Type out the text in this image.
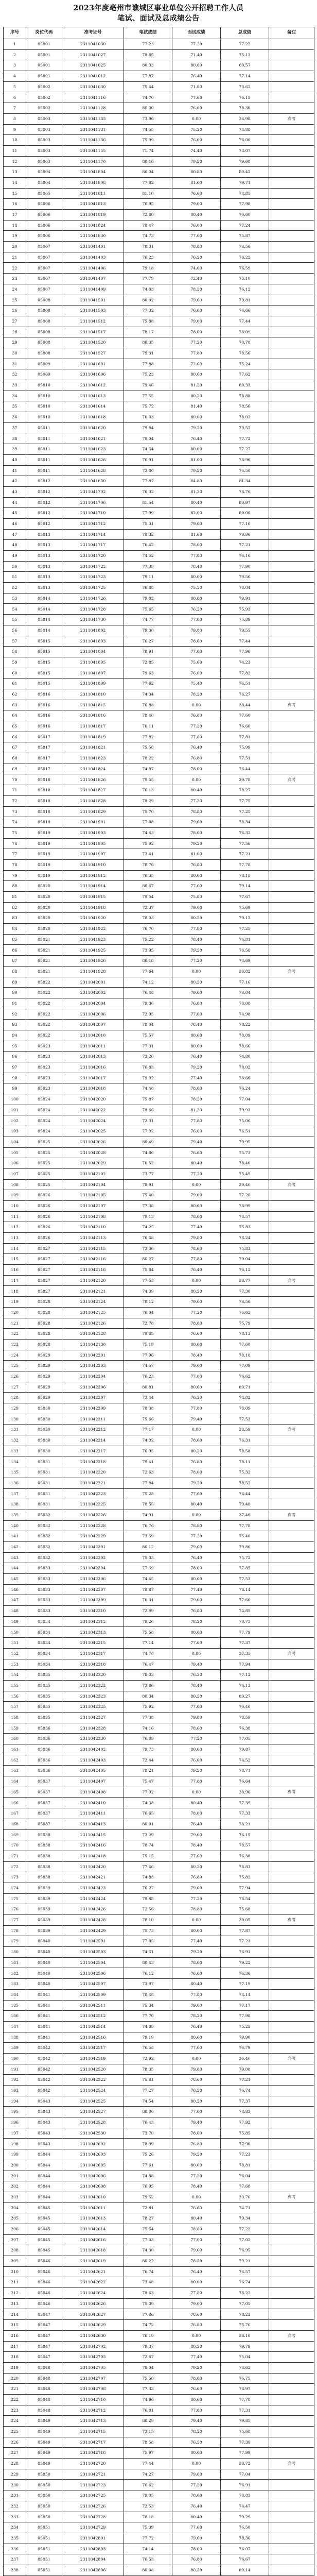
2023年度亳州市谯城区事业单位公开招聘工作人员
笔试、面试及总成绩公告
序号	岗位代码	准考证号	笔试成绩	面试成绩	总成绩	备注
1	05001	2311041030	77.23	77.20	77.22	
2	05001	2311041027	78.85	71.40	75.13	
3	05001	2311041025	80.33	80.80	80.57	
4	05001	2311041012	77.87	76.40	77.14	
5	05002	2311041030	75.44	71.80	73.62	
6	05002	2311041116	74.70	77.60	76.15	
7	05002	2311041128	80.00	76.60	78.30	
8	05003	2311041133	73.96	0.00	36.98	弃考
9	05003	2311041131	74.55	75.20	74.88	
10	05003	2311041136	75.99	76.00	76.00	
11	05003	2311041155	71.74	74.40	73.07	
12	05003	2311041170	80.16	79.20	79.68	
13	05004	2311041804	80.04	80.80	80.42	
14	05004	2311041808	77.82	81.60	79.71	
15	05005	2311041811	81.10	76.60	78.85	
16	05006	2311041813	76.95	79.00	77.98	
17	05006	2311041819	72.80	80.40	76.60	
18	05006	2311041824	78.47	76.00	77.24	
19	05006	2311041830	74.73	77.00	75.87	
20	05007	2311041401	78.31	78.80	78.56	
21	05007	2311041403	76.23	76.20	76.22	
22	05007	2311041406	79.18	74.00	76.59	
23	05007	2311041407	77.79	72.40	75.10	
24	05007	2311041409	74.03	78.20	76.12	
25	05008	2311041501	80.02	79.60	79.81	
26	05008	2311041503	77.32	76.00	76.66	
27	05008	2311041512	75.88	79.00	77.44	
28	05008	2311041517	78.17	78.00	78.09	
29	05008	2311041520	80.35	77.20	78.78	
30	05008	2311041527	79.31	77.80	78.56	
31	05009	2311041601	77.88	72.60	75.24	
32	05009	2311041606	75.23	80.00	77.62	
33	05010	2311041612	79.46	81.20	80.33	
34	05010	2311041613	77.55	80.20	78.88	
35	05010	2311041614	75.72	81.40	78.56	
36	05010	2311041618	76.03	80.00	78.02	
37	05011	2311041620	79.84	79.20	79.52	
38	05011	2311041621	79.04	76.40	77.72	
39	05011	2311041623	74.54	80.00	77.27	
40	05011	2311041626	76.91	81.00	78.96	
41	05011	2311041628	73.80	79.20	76.50	
42	05012	2311041630	77.87	84.80	81.34	
43	05012	2311041702	76.32	81.20	78.76	
44	05012	2311041706	81.54	80.40	80.97	
45	05012	2311041710	77.99	82.00	80.00	
46	05012	2311041712	75.31	79.00	77.16	
47	05013	2311041714	78.32	81.60	79.96	
48	05013	2311041717	76.42	78.00	77.21	
49	05013	2311041720	74.52	77.80	76.16	
50	05013	2311041722	77.39	78.40	77.90	
51	05013	2311041723	79.11	80.00	79.56	
52	05013	2311041725	76.88	75.20	76.04	
53	05014	2311041726	79.02	80.80	79.91	
54	05014	2311041728	75.65	76.20	75.93	
55	05014	2311041730	74.77	77.00	75.89	
56	05014	2311041802	79.30	79.80	79.55	
57	05015	2311041803	76.27	78.60	77.44	
58	05015	2311041804	78.91	77.00	77.96	
59	05015	2311041805	72.85	75.60	74.23	
60	05015	2311041807	79.63	76.00	77.82	
61	05015	2311041809	77.62	75.40	76.51	
62	05016	2311041810	74.34	78.20	76.27	
63	05016	2311041815	76.88	0.00	38.44	弃考
64	05016	2311041816	78.40	76.80	77.60	
65	05016	2311041817	76.11	77.20	76.66	
66	05017	2311041819	77.82	77.80	77.81	
67	05017	2311041821	75.58	76.40	75.99	
68	05017	2311041823	78.22	76.80	77.51	
69	05017	2311041824	74.87	78.00	76.44	
70	05018	2311041826	79.55	0.00	39.78	弃考
71	05018	2311041827	76.13	80.40	78.27	
72	05018	2311041828	78.29	77.20	77.75	
73	05018	2311041829	75.70	78.80	77.25	
74	05019	2311041901	77.08	79.60	78.34	
75	05019	2311041903	74.63	78.00	76.32	
76	05019	2311041905	75.92	79.20	77.56	
77	05019	2311041907	73.41	81.00	77.21	
78	05019	2311041910	78.76	76.80	77.78	
79	05019	2311041912	76.35	80.00	78.18	
80	05020	2311041914	80.67	77.60	79.14	
81	05020	2311041915	79.54	75.80	77.67	
82	05020	2311041918	72.37	79.00	75.69	
83	05020	2311041920	78.03	80.20	79.12	
84	05020	2311041922	76.70	77.80	77.25	
85	05021	2311041923	75.22	78.40	76.81	
86	05021	2311041925	73.95	79.20	76.58	
87	05021	2311041926	80.18	77.20	78.69	
88	05021	2311041928	77.64	0.00	38.82	弃考
89	05022	2311042001	74.12	80.20	77.16	
90	05022	2311042002	76.48	79.60	78.04	
91	05022	2311042004	79.36	76.80	78.08	
92	05022	2311042006	72.95	77.00	74.98	
93	05022	2311042007	78.04	78.40	78.22	
94	05022	2311042010	75.57	80.60	78.09	
95	05023	2311042011	77.31	80.00	78.66	
96	05023	2311042013	73.20	76.40	74.80	
97	05023	2311042016	76.83	79.20	78.02	
98	05023	2311042017	79.92	77.40	78.66	
99	05023	2311042018	74.48	78.00	76.24	
100	05024	2311042020	75.87	78.20	77.04	
101	05024	2311042022	78.66	81.20	79.93	
102	05024	2311042024	72.31	77.80	75.06	
103	05024	2311042025	77.02	76.00	76.51	
104	05025	2311042026	80.49	79.40	79.95	
105	05025	2311042028	74.86	76.60	75.73	
106	05025	2311042029	76.52	80.40	78.46	
107	05025	2311042102	73.77	77.20	75.49	
108	05025	2311042104	78.91	0.00	39.46	弃考
109	05026	2311042105	75.40	79.00	77.20	
110	05026	2311042107	77.38	80.60	78.99	
111	05026	2311042108	79.13	78.00	78.57	
112	05026	2311042110	74.25	77.40	75.83	
113	05026	2311042113	76.68	79.80	78.24	
114	05027	2311042115	73.06	78.60	75.83	
115	05027	2311042116	80.27	77.80	79.04	
116	05027	2311042118	75.84	76.40	76.12	
117	05027	2311042120	77.53	0.00	38.77	弃考
118	05027	2311042121	74.39	80.20	77.30	
119	05028	2311042124	78.12	79.00	78.56	
120	05028	2311042125	76.04	77.20	76.62	
121	05028	2311042126	72.78	78.80	75.79	
122	05028	2311042128	79.65	76.60	78.13	
123	05028	2311042130	75.19	80.00	77.60	
124	05029	2311042201	77.96	78.40	78.18	
125	05029	2311042203	74.57	79.60	77.09	
126	05029	2311042204	76.23	77.00	76.62	
127	05029	2311042206	80.81	80.60	80.71	
128	05029	2311042207	73.44	76.20	74.82	
129	05030	2311042209	78.38	77.80	78.09	
130	05030	2311042211	75.66	79.40	77.53	
131	05030	2311042212	77.17	0.00	38.59	弃考
132	05030	2311042214	74.02	78.60	76.31	
133	05030	2311042217	76.95	80.20	78.58	
134	05031	2311042218	79.41	76.80	78.11	
135	05031	2311042220	72.63	78.00	75.32	
136	05031	2311042221	77.84	79.20	78.52	
137	05031	2311042223	75.28	77.60	76.44	
138	05031	2311042225	78.55	80.40	79.48	
139	05032	2311042226	74.91	0.00	37.46	弃考
140	05032	2311042228	76.76	78.80	77.78	
141	05032	2311042229	73.59	77.20	75.40	
142	05032	2311042301	80.12	79.60	79.86	
143	05032	2311042302	75.03	76.40	75.72	
144	05033	2311042304	77.69	78.00	77.85	
145	05033	2311042306	74.45	80.60	77.53	
146	05033	2311042307	78.87	77.40	78.14	
147	05033	2311042309	76.31	79.00	77.66	
148	05033	2311042310	72.89	76.80	74.85	
149	05034	2311042312	79.26	78.20	78.73	
150	05034	2311042313	75.58	80.00	77.79	
151	05034	2311042315	77.14	77.60	77.37	
152	05034	2311042317	74.70	0.00	37.35	弃考
153	05034	2311042318	76.47	79.40	77.94	
154	05035	2311042320	78.03	76.20	77.12	
155	05035	2311042322	73.86	78.40	76.13	
156	05035	2311042323	80.34	80.20	80.27	
157	05035	2311042325	75.92	77.00	76.46	
158	05035	2311042327	77.38	79.80	78.59	
159	05036	2311042328	74.16	78.60	76.38	
160	05036	2311042330	76.89	77.20	77.05	
161	05036	2311042402	79.73	80.00	79.87	
162	05036	2311042403	72.44	76.60	74.52	
163	05036	2311042405	78.21	79.20	78.71	
164	05037	2311042407	75.47	77.80	76.64	
165	05037	2311042408	77.92	0.00	38.96	弃考
166	05037	2311042410	74.38	80.40	77.39	
167	05037	2311042411	76.65	78.00	77.33	
168	05037	2311042413	80.01	76.40	78.21	
169	05038	2311042415	73.29	79.00	76.15	
170	05038	2311042416	78.74	78.40	78.57	
171	05038	2311042418	75.15	77.60	76.38	
172	05038	2311042420	77.46	80.20	78.83	
173	05038	2311042421	74.83	76.80	75.82	
174	05039	2311042423	76.27	79.60	77.94	
175	05039	2311042424	79.88	77.20	78.54	
176	05039	2311042426	72.56	78.80	75.68	
177	05039	2311042428	78.10	0.00	39.05	弃考
178	05039	2311042429	75.73	80.00	77.87	
179	05040	2311042501	77.05	77.40	77.23	
180	05040	2311042503	74.61	79.20	76.91	
181	05040	2311042504	80.43	78.00	79.22	
182	05040	2311042506	76.12	76.60	76.36	
183	05040	2311042507	73.97	80.40	77.19	
184	05041	2311042509	78.48	77.80	78.14	
185	05041	2311042511	75.34	79.00	77.17	
186	05041	2311042512	77.76	78.20	77.98	
187	05041	2311042514	74.09	76.40	75.25	
188	05041	2311042516	79.19	80.60	79.90	
189	05042	2311042517	76.58	77.00	76.79	
190	05042	2311042519	72.92	0.00	36.46	弃考
191	05042	2311042520	78.35	79.80	79.08	
192	05042	2311042522	75.81	78.60	77.21	
193	05042	2311042524	77.27	76.20	76.74	
194	05043	2311042525	74.54	80.20	77.37	
195	05043	2311042527	80.06	77.60	78.83	
196	05043	2311042528	76.43	79.40	77.92	
197	05043	2311042530	73.70	78.00	75.85	
198	05043	2311042602	78.99	76.80	77.90	
199	05044	2311042603	75.26	79.20	77.23	
200	05044	2311042605	77.61	80.00	78.81	
201	05044	2311042606	74.88	77.20	76.04	
202	05044	2311042608	76.95	78.40	77.68	
203	05044	2311042610	79.52	0.00	39.76	弃考
204	05045	2311042611	72.81	76.60	74.71	
205	05045	2311042613	78.27	80.40	79.34	
206	05045	2311042614	75.64	78.80	77.22	
207	05045	2311042616	77.03	77.00	77.02	
208	05045	2311042618	74.30	79.60	76.95	
209	05046	2311042619	80.22	78.20	79.21	
210	05046	2311042621	76.74	76.40	76.57	
211	05046	2311042622	73.48	80.00	76.74	
212	05046	2311042624	78.63	77.80	78.22	
213	05046	2311042626	75.09	79.00	77.05	
214	05047	2311042627	77.86	78.60	78.23	
215	05047	2311042629	74.72	76.80	75.76	
216	05047	2311042630	76.19	0.00	38.10	弃考
217	05047	2311042702	79.37	80.20	79.79	
218	05047	2311042703	72.67	77.40	75.04	
219	05048	2311042705	78.04	79.20	78.62	
220	05048	2311042707	75.50	78.00	76.75	
221	05048	2311042708	77.33	76.60	76.97	
222	05048	2311042710	74.96	80.60	77.78	
223	05048	2311042712	76.81	77.80	77.31	
224	05049	2311042713	80.29	79.40	79.85	
225	05049	2311042715	73.15	78.20	75.68	
226	05049	2311042717	78.58	76.20	77.39	
227	05049	2311042718	75.97	80.00	77.99	
228	05049	2311042720	77.44	0.00	38.72	弃考
229	05050	2311042721	74.27	79.80	77.04	
230	05050	2311042723	76.62	77.20	76.91	
231	05050	2311042725	79.05	78.60	78.83	
232	05050	2311042726	72.53	76.40	74.47	
233	05050	2311042728	78.18	80.40	79.29	
234	05051	2311042729	75.39	77.60	76.50	
235	05051	2311042801	77.72	79.00	78.36	
236	05051	2311042803	74.14	78.00	76.07	
237	05051	2311042804	76.53	76.80	76.67	
238	05051	2311042806	80.08	80.20	80.14	
